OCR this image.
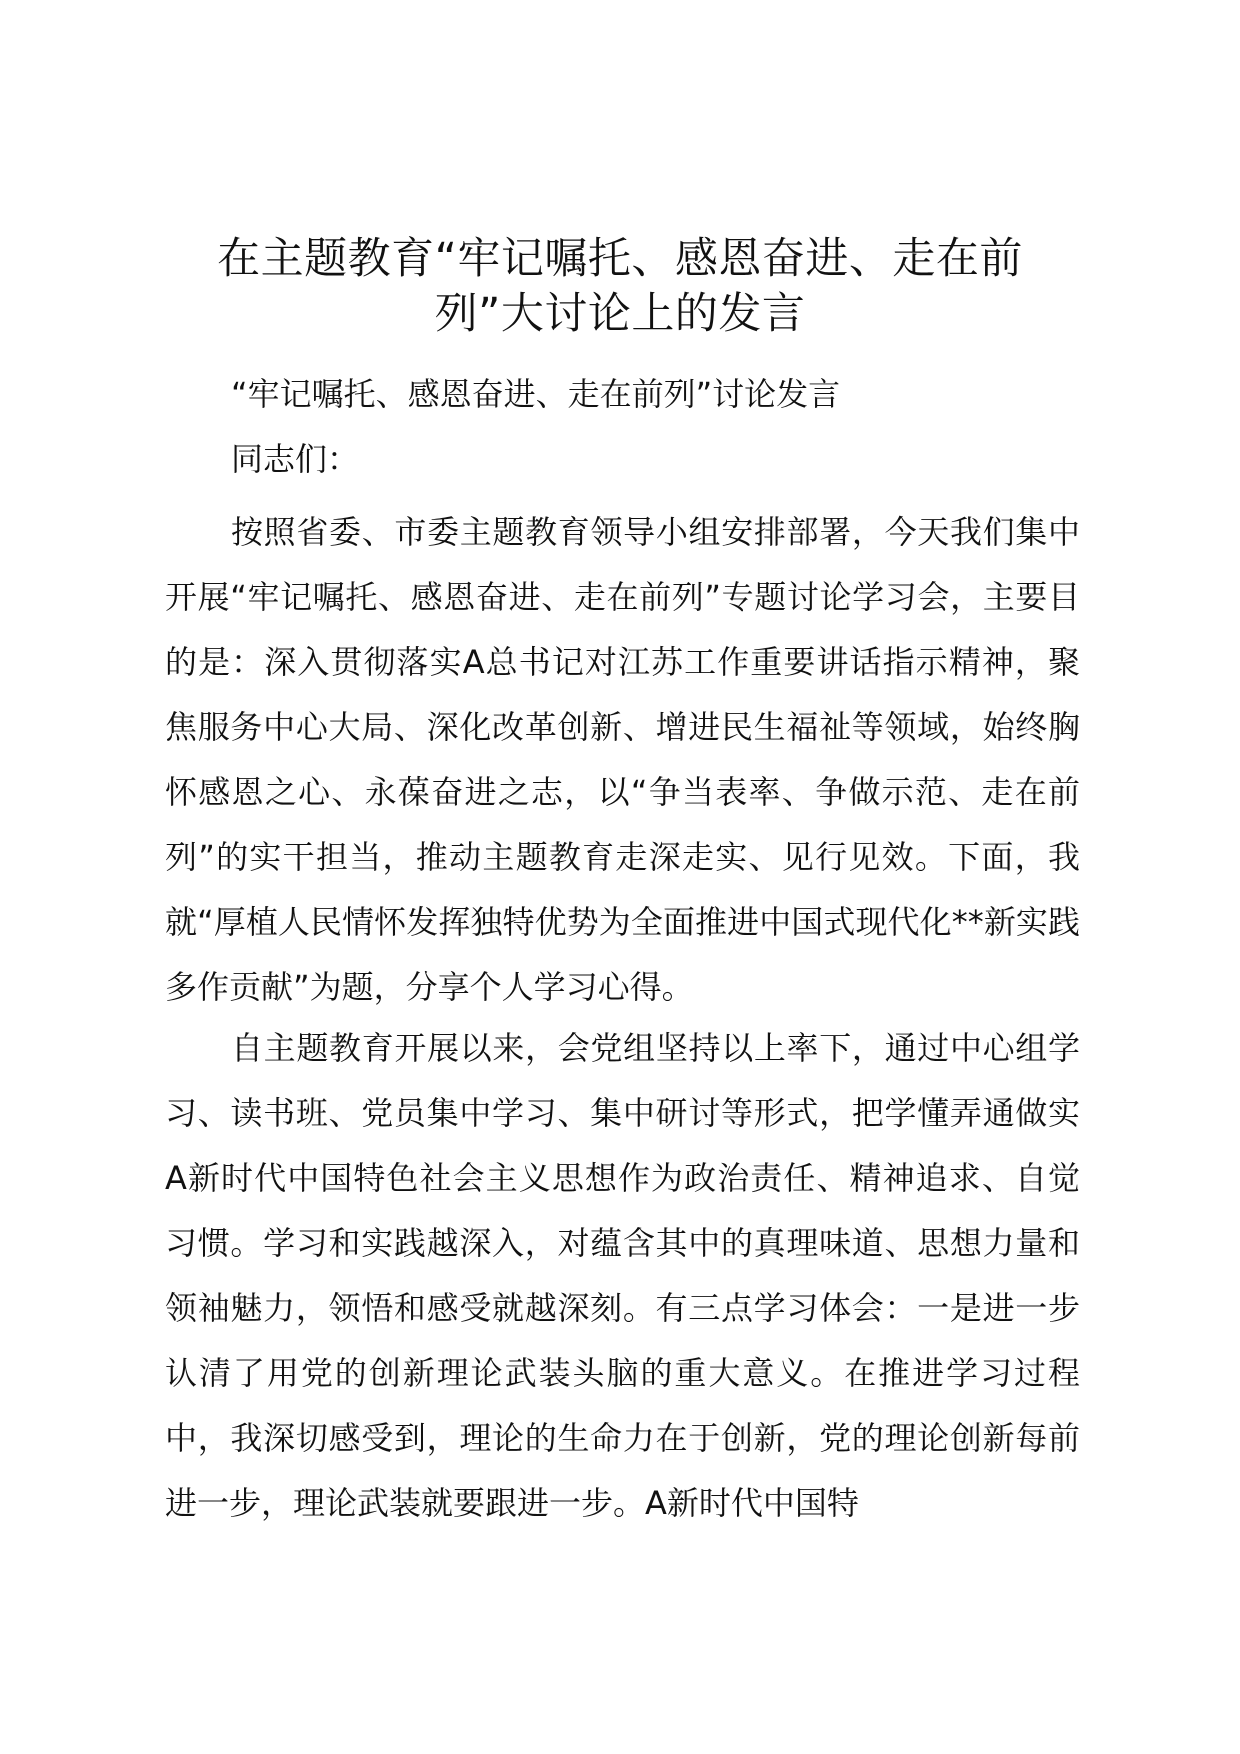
在主题教育“牢记嘱托、感恩奋进、走在前列”大讨论上的发言

“牢记嘱托、感恩奋进、走在前列”讨论发言

同志们：

按照省委、市委主题教育领导小组安排部署，今天我们集中开展“牢记嘱托、感恩奋进、走在前列”专题讨论学习会，主要目的是：深入贯彻落实A总书记对江苏工作重要讲话指示精神，聚焦服务中心大局、深化改革创新、增进民生福祉等领域，始终胸怀感恩之心、永葆奋进之志，以“争当表率、争做示范、走在前列”的实干担当，推动主题教育走深走实、见行见效。下面，我就“厚植人民情怀发挥独特优势为全面推进中国式现代化**新实践多作贡献”为题，分享个人学习心得。

自主题教育开展以来，会党组坚持以上率下，通过中心组学习、读书班、党员集中学习、集中研讨等形式，把学懂弄通做实A新时代中国特色社会主义思想作为政治责任、精神追求、自觉习惯。学习和实践越深入，对蕴含其中的真理味道、思想力量和领袖魅力，领悟和感受就越深刻。有三点学习体会：一是进一步认清了用党的创新理论武装头脑的重大意义。在推进学习过程中，我深切感受到，理论的生命力在于创新，党的理论创新每前进一步，理论武装就要跟进一步。A新时代中国特
